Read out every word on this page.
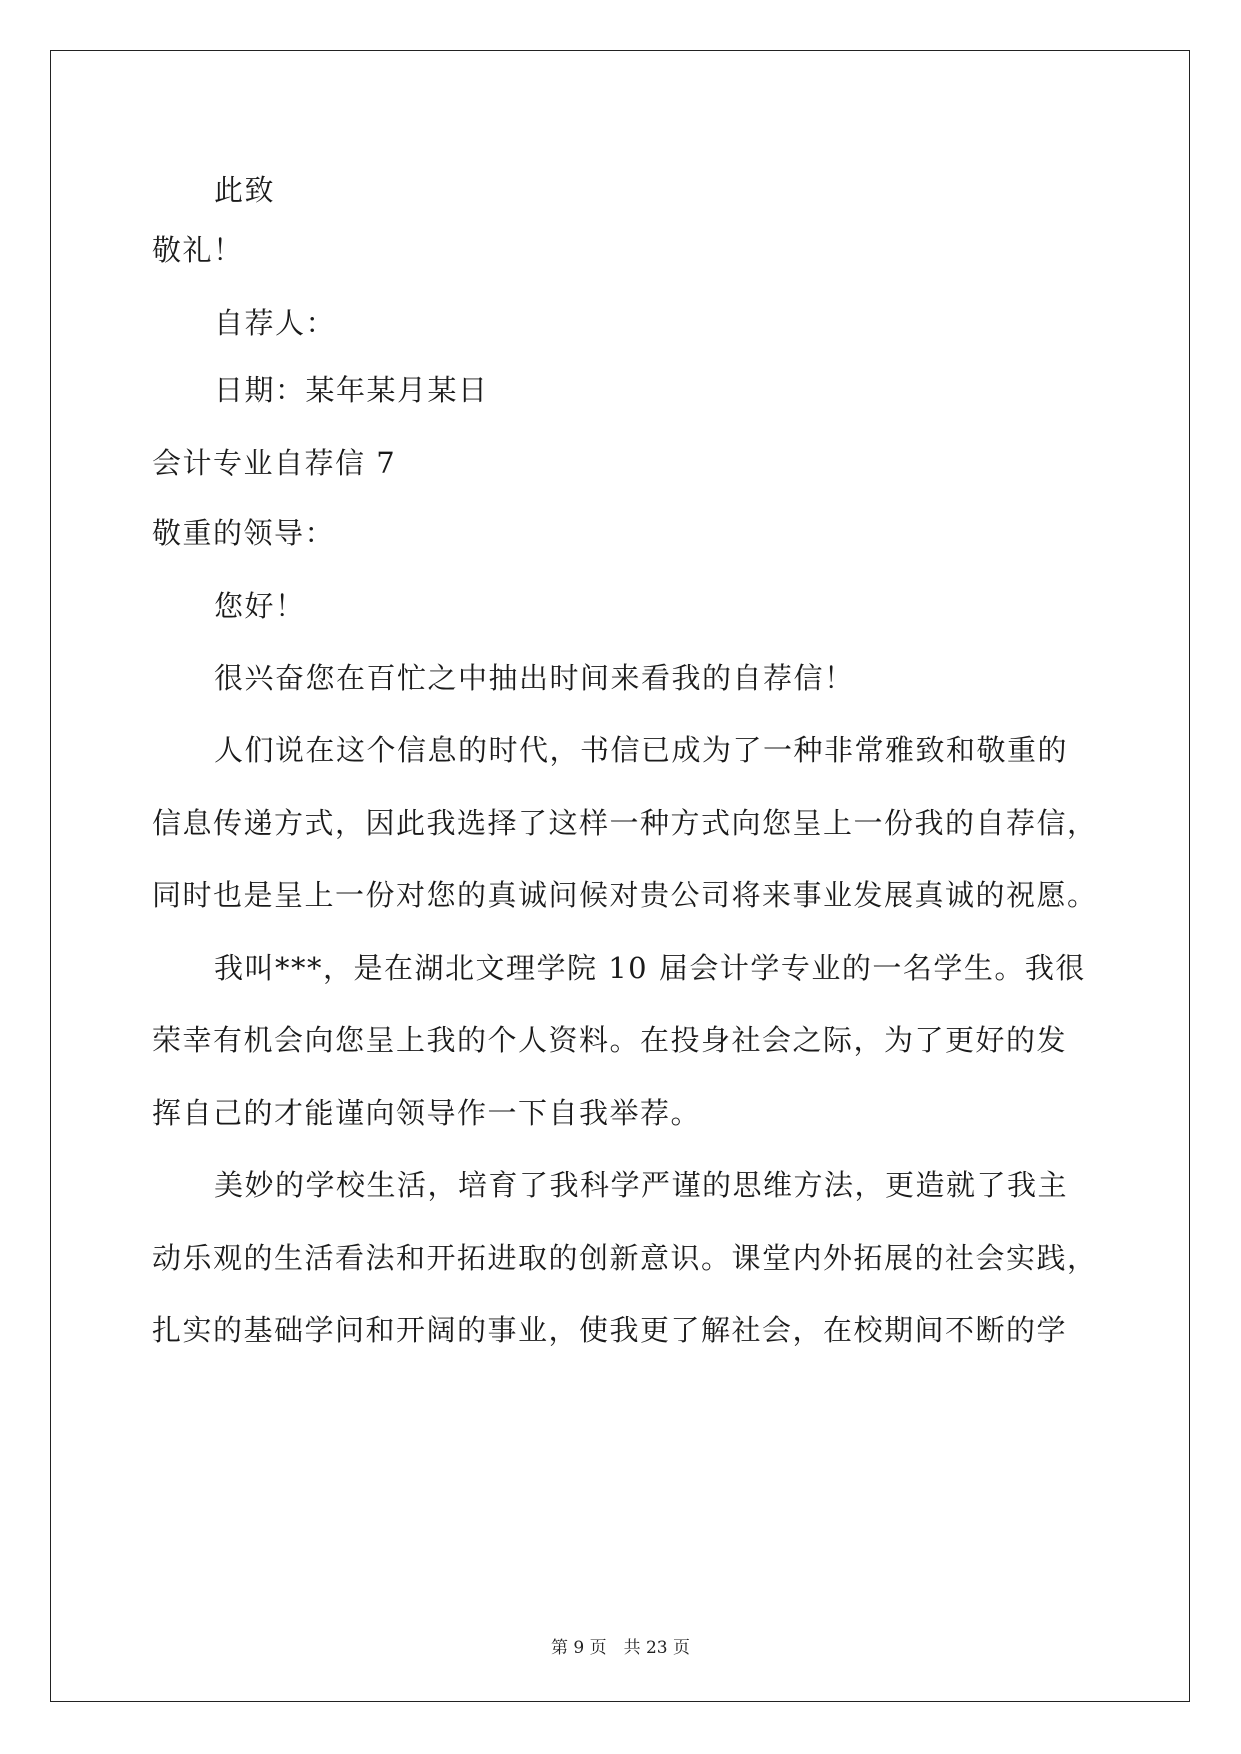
此致
敬礼！
自荐人：
日期：某年某月某日
会计专业自荐信 7
敬重的领导：
您好！
很兴奋您在百忙之中抽出时间来看我的自荐信！
人们说在这个信息的时代，书信已成为了一种非常雅致和敬重的
信息传递方式，因此我选择了这样一种方式向您呈上一份我的自荐信，
同时也是呈上一份对您的真诚问候对贵公司将来事业发展真诚的祝愿。
我叫***，是在湖北文理学院 10 届会计学专业的一名学生。我很
荣幸有机会向您呈上我的个人资料。在投身社会之际，为了更好的发
挥自己的才能谨向领导作一下自我举荐。
美妙的学校生活，培育了我科学严谨的思维方法，更造就了我主
动乐观的生活看法和开拓进取的创新意识。课堂内外拓展的社会实践，
扎实的基础学问和开阔的事业，使我更了解社会，在校期间不断的学
第 9 页　共 23 页
